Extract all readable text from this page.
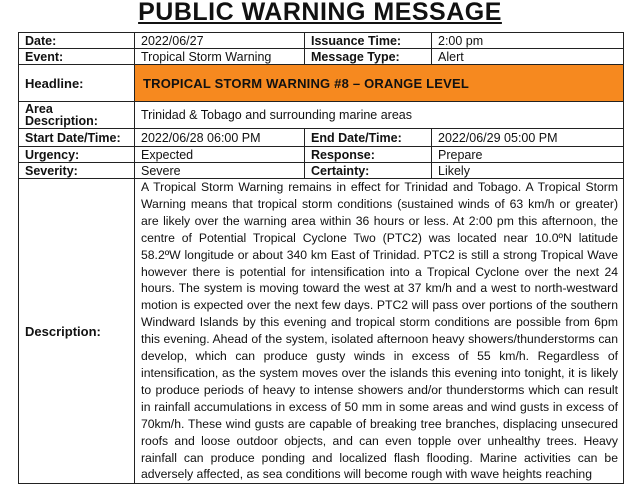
PUBLIC WARNING MESSAGE
Date:	2022/06/27	Issuance Time:	2:00 pm
Event:	Tropical Storm Warning	Message Type:	Alert
Headline:	TROPICAL STORM WARNING #8 – ORANGE LEVEL		
Area Description:	Trinidad & Tobago and surrounding marine areas		
Start Date/Time:	2022/06/28 06:00 PM	End Date/Time:	2022/06/29 05:00 PM
Urgency:	Expected	Response:	Prepare
Severity:	Severe	Certainty:	Likely
Description:	A Tropical Storm Warning remains in effect for Trinidad and Tobago. A Tropical Storm Warning means that tropical storm conditions (sustained winds of 63 km/h or greater) are likely over the warning area within 36 hours or less. At 2:00 pm this afternoon, the centre of Potential Tropical Cyclone Two (PTC2) was located near 10.0ºN latitude 58.2ºW longitude or about 340 km East of Trinidad. PTC2 is still a strong Tropical Wave however there is potential for intensification into a Tropical Cyclone over the next 24 hours. The system is moving toward the west at 37 km/h and a west to north-westward motion is expected over the next few days. PTC2 will pass over portions of the southern Windward Islands by this evening and tropical storm conditions are possible from 6pm this evening. Ahead of the system, isolated afternoon heavy showers/thunderstorms can develop, which can produce gusty winds in excess of 55 km/h. Regardless of intensification, as the system moves over the islands this evening into tonight, it is likely to produce periods of heavy to intense showers and/or thunderstorms which can result in rainfall accumulations in excess of 50 mm in some areas and wind gusts in excess of 70km/h. These wind gusts are capable of breaking tree branches, displacing unsecured roofs and loose outdoor objects, and can even topple over unhealthy trees. Heavy rainfall can produce ponding and localized flash flooding. Marine activities can be adversely affected, as sea conditions will become rough with wave heights reaching		
